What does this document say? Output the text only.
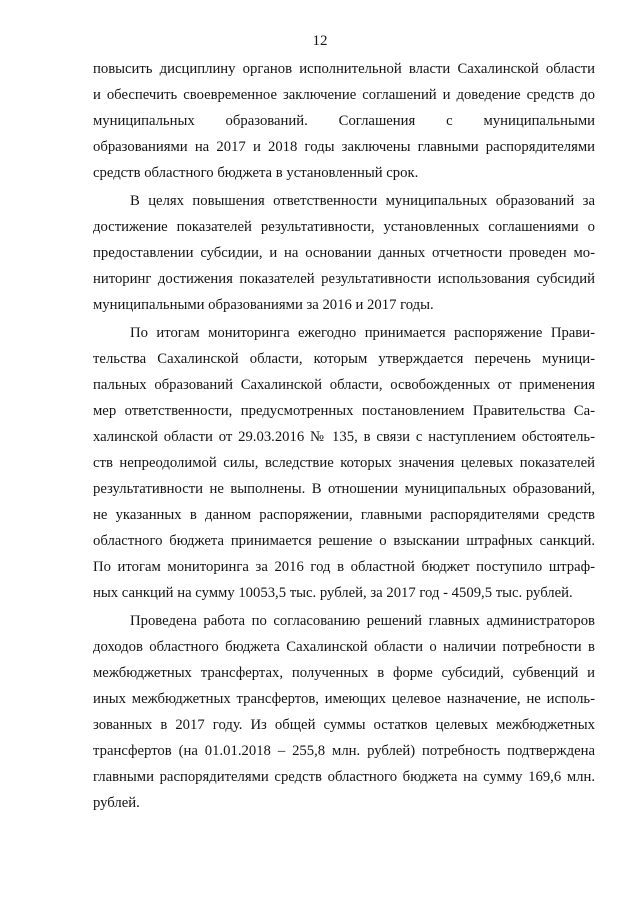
12

повысить дисциплину органов исполнительной власти Сахалинской области
и обеспечить своевременное заключение соглашений и доведение средств до
муниципальных образований. Соглашения с муниципальными
образованиями на 2017 и 2018 годы заключены главными распорядителями
средств областного бюджета в установленный срок.
В целях повышения ответственности муниципальных образований за
достижение показателей результативности, установленных соглашениями о
предоставлении субсидии, и на основании данных отчетности проведен мо-
ниторинг достижения показателей результативности использования субсидий
муниципальными образованиями за 2016 и 2017 годы.
По итогам мониторинга ежегодно принимается распоряжение Прави-
тельства Сахалинской области, которым утверждается перечень муници-
пальных образований Сахалинской области, освобожденных от применения
мер ответственности, предусмотренных постановлением Правительства Са-
халинской области от 29.03.2016 № 135, в связи с наступлением обстоятель-
ств непреодолимой силы, вследствие которых значения целевых показателей
результативности не выполнены. В отношении муниципальных образований,
не указанных в данном распоряжении, главными распорядителями средств
областного бюджета принимается решение о взыскании штрафных санкций.
По итогам мониторинга за 2016 год в областной бюджет поступило штраф-
ных санкций на сумму 10053,5 тыс. рублей, за 2017 год - 4509,5 тыс. рублей.
Проведена работа по согласованию решений главных администраторов
доходов областного бюджета Сахалинской области о наличии потребности в
межбюджетных трансфертах, полученных в форме субсидий, субвенций и
иных межбюджетных трансфертов, имеющих целевое назначение, не исполь-
зованных в 2017 году. Из общей суммы остатков целевых межбюджетных
трансфертов (на 01.01.2018 – 255,8 млн. рублей) потребность подтверждена
главными распорядителями средств областного бюджета на сумму 169,6 млн.
рублей.
